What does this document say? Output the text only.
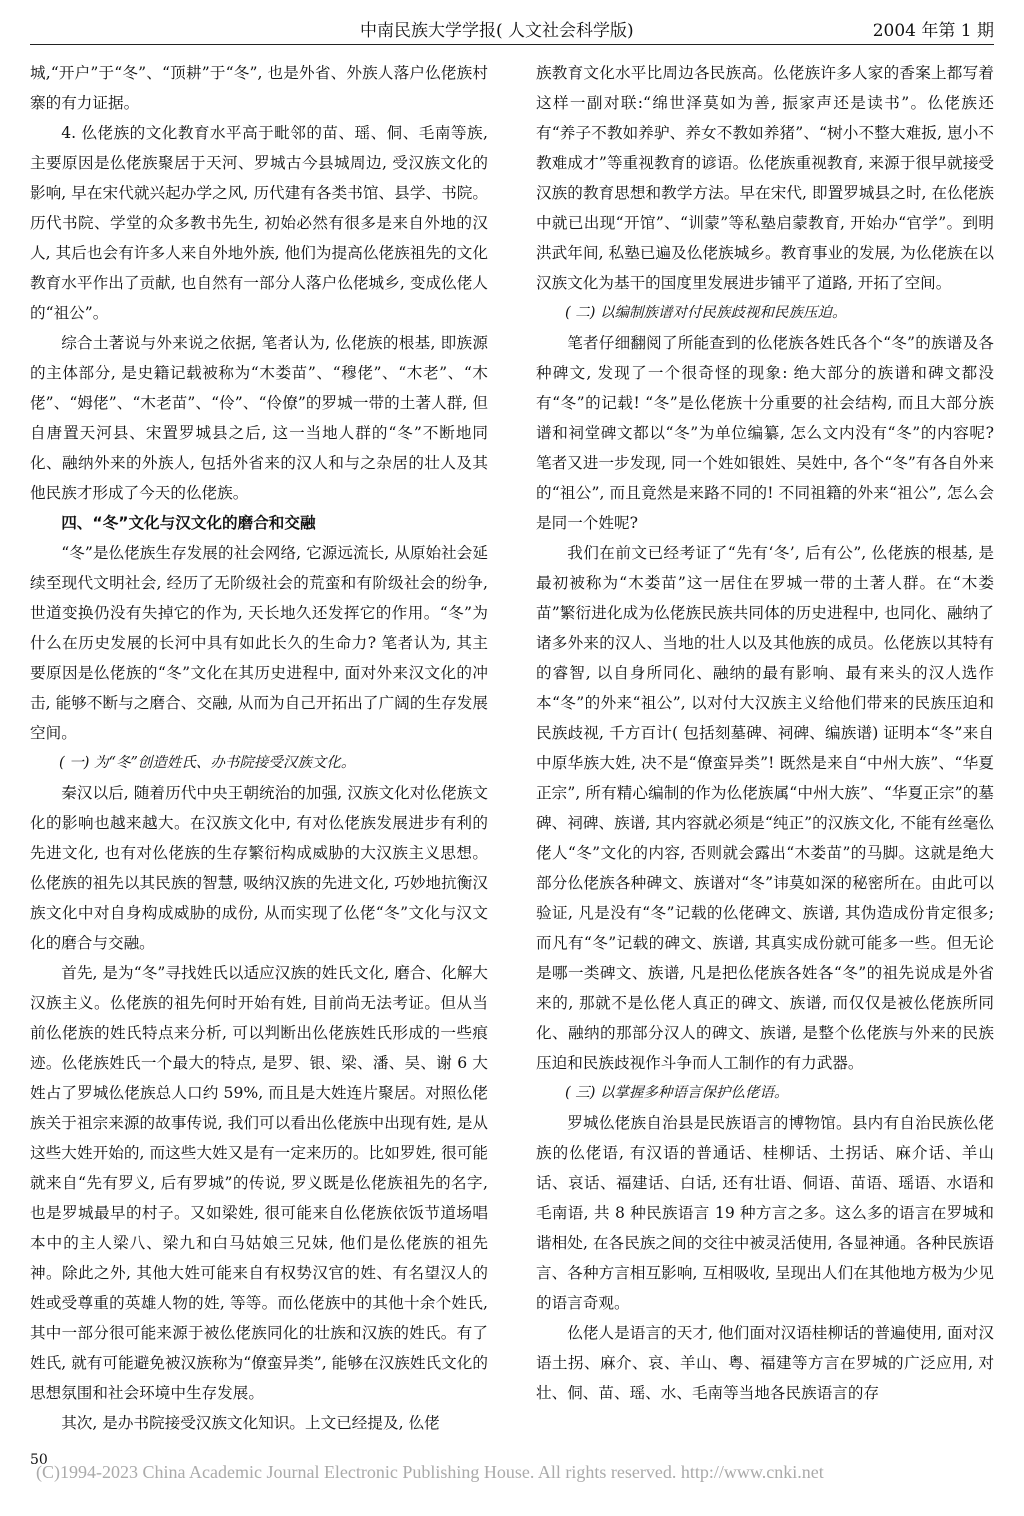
中南民族大学学报( 人文社会科学版)	2004 年第 1 期

城,“开户”于“冬”、“顶耕”于“冬”, 也是外省、外族人落户仫佬族村寨的有力证据。

4. 仫佬族的文化教育水平高于毗邻的苗、瑶、侗、毛南等族, 主要原因是仫佬族聚居于天河、罗城古今县城周边, 受汉族文化的影响, 早在宋代就兴起办学之风, 历代建有各类书馆、县学、书院。历代书院、学堂的众多教书先生, 初始必然有很多是来自外地的汉人, 其后也会有许多人来自外地外族, 他们为提高仫佬族祖先的文化教育水平作出了贡献, 也自然有一部分人落户仫佬城乡, 变成仫佬人的“祖公”。

综合土著说与外来说之依据, 笔者认为, 仫佬族的根基, 即族源的主体部分, 是史籍记载被称为“木娄苗”、“穆佬”、“木老”、“木佬”、“姆佬”、“木老苗”、“伶”、“伶僚”的罗城一带的土著人群, 但自唐置天河县、宋置罗城县之后, 这一当地人群的“冬”不断地同化、融纳外来的外族人, 包括外省来的汉人和与之杂居的壮人及其他民族才形成了今天的仫佬族。

四、“冬”文化与汉文化的磨合和交融

“冬”是仫佬族生存发展的社会网络, 它源远流长, 从原始社会延续至现代文明社会, 经历了无阶级社会的荒蛮和有阶级社会的纷争, 世道变换仍没有失掉它的作为, 天长地久还发挥它的作用。“冬”为什么在历史发展的长河中具有如此长久的生命力? 笔者认为, 其主要原因是仫佬族的“冬”文化在其历史进程中, 面对外来汉文化的冲击, 能够不断与之磨合、交融, 从而为自己开拓出了广阔的生存发展空间。

( 一) 为“冬”创造姓氏、办书院接受汉族文化。

秦汉以后, 随着历代中央王朝统治的加强, 汉族文化对仫佬族文化的影响也越来越大。在汉族文化中, 有对仫佬族发展进步有利的先进文化, 也有对仫佬族的生存繁衍构成威胁的大汉族主义思想。仫佬族的祖先以其民族的智慧, 吸纳汉族的先进文化, 巧妙地抗衡汉族文化中对自身构成威胁的成份, 从而实现了仫佬“冬”文化与汉文化的磨合与交融。

首先, 是为“冬”寻找姓氏以适应汉族的姓氏文化, 磨合、化解大汉族主义。仫佬族的祖先何时开始有姓, 目前尚无法考证。但从当前仫佬族的姓氏特点来分析, 可以判断出仫佬族姓氏形成的一些痕迹。仫佬族姓氏一个最大的特点, 是罗、银、梁、潘、吴、谢 6 大姓占了罗城仫佬族总人口约 59%, 而且是大姓连片聚居。对照仫佬族关于祖宗来源的故事传说, 我们可以看出仫佬族中出现有姓, 是从这些大姓开始的, 而这些大姓又是有一定来历的。比如罗姓, 很可能就来自“先有罗义, 后有罗城”的传说, 罗义既是仫佬族祖先的名字, 也是罗城最早的村子。又如梁姓, 很可能来自仫佬族依饭节道场唱本中的主人梁八、梁九和白马姑娘三兄妹, 他们是仫佬族的祖先神。除此之外, 其他大姓可能来自有权势汉官的姓、有名望汉人的姓或受尊重的英雄人物的姓, 等等。而仫佬族中的其他十余个姓氏, 其中一部分很可能来源于被仫佬族同化的壮族和汉族的姓氏。有了姓氏, 就有可能避免被汉族称为“僚蛮异类”, 能够在汉族姓氏文化的思想氛围和社会环境中生存发展。

其次, 是办书院接受汉族文化知识。上文已经提及, 仫佬

族教育文化水平比周边各民族高。仫佬族许多人家的香案上都写着这样一副对联:“绵世泽莫如为善, 振家声还是读书”。仫佬族还有“养子不教如养驴、养女不教如养猪”、“树小不整大难扳, 崽小不教难成才”等重视教育的谚语。仫佬族重视教育, 来源于很早就接受汉族的教育思想和教学方法。早在宋代, 即置罗城县之时, 在仫佬族中就已出现“开馆”、“训蒙”等私塾启蒙教育, 开始办“官学”。到明洪武年间, 私塾已遍及仫佬族城乡。教育事业的发展, 为仫佬族在以汉族文化为基干的国度里发展进步铺平了道路, 开拓了空间。

( 二) 以编制族谱对付民族歧视和民族压迫。

笔者仔细翻阅了所能查到的仫佬族各姓氏各个“冬”的族谱及各种碑文, 发现了一个很奇怪的现象: 绝大部分的族谱和碑文都没有“冬”的记载! “冬”是仫佬族十分重要的社会结构, 而且大部分族谱和祠堂碑文都以“冬”为单位编纂, 怎么文内没有“冬”的内容呢? 笔者又进一步发现, 同一个姓如银姓、吴姓中, 各个“冬”有各自外来的“祖公”, 而且竟然是来路不同的! 不同祖籍的外来“祖公”, 怎么会是同一个姓呢?

我们在前文已经考证了“先有‘冬’, 后有公”, 仫佬族的根基, 是最初被称为“木娄苗”这一居住在罗城一带的土著人群。在“木娄苗”繁衍进化成为仫佬族民族共同体的历史进程中, 也同化、融纳了诸多外来的汉人、当地的壮人以及其他族的成员。仫佬族以其特有的睿智, 以自身所同化、融纳的最有影响、最有来头的汉人选作本“冬”的外来“祖公”, 以对付大汉族主义给他们带来的民族压迫和民族歧视, 千方百计( 包括刻墓碑、祠碑、编族谱) 证明本“冬”来自中原华族大姓, 决不是“僚蛮异类”! 既然是来自“中州大族”、“华夏正宗”, 所有精心编制的作为仫佬族属“中州大族”、“华夏正宗”的墓碑、祠碑、族谱, 其内容就必须是“纯正”的汉族文化, 不能有丝毫仫佬人“冬”文化的内容, 否则就会露出“木娄苗”的马脚。这就是绝大部分仫佬族各种碑文、族谱对“冬”讳莫如深的秘密所在。由此可以验证, 凡是没有“冬”记载的仫佬碑文、族谱, 其伪造成份肯定很多; 而凡有“冬”记载的碑文、族谱, 其真实成份就可能多一些。但无论是哪一类碑文、族谱, 凡是把仫佬族各姓各“冬”的祖先说成是外省来的, 那就不是仫佬人真正的碑文、族谱, 而仅仅是被仫佬族所同化、融纳的那部分汉人的碑文、族谱, 是整个仫佬族与外来的民族压迫和民族歧视作斗争而人工制作的有力武器。

( 三) 以掌握多种语言保护仫佬语。

罗城仫佬族自治县是民族语言的博物馆。县内有自治民族仫佬族的仫佬语, 有汉语的普通话、桂柳话、土拐话、麻介话、羊山话、哀话、福建话、白话, 还有壮语、侗语、苗语、瑶语、水语和毛南语, 共 8 种民族语言 19 种方言之多。这么多的语言在罗城和谐相处, 在各民族之间的交往中被灵活使用, 各显神通。各种民族语言、各种方言相互影响, 互相吸收, 呈现出人们在其他地方极为少见的语言奇观。

仫佬人是语言的天才, 他们面对汉语桂柳话的普遍使用, 面对汉语土拐、麻介、哀、羊山、粤、福建等方言在罗城的广泛应用, 对壮、侗、苗、瑶、水、毛南等当地各民族语言的存

50
(C)1994-2023 China Academic Journal Electronic Publishing House. All rights reserved. http://www.cnki.net
